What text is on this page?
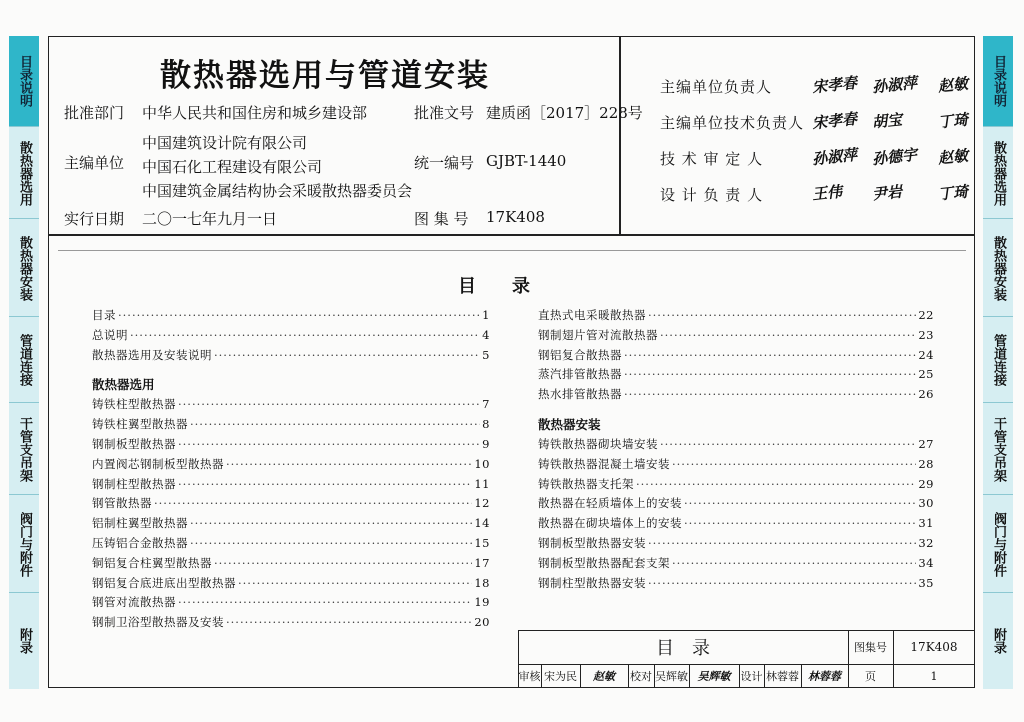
目录说明
散热器选用
散热器安装
管道连接
干管支吊架
阀门与附件
附录
目录说明
散热器选用
散热器安装
管道连接
干管支吊架
阀门与附件
附录
散热器选用与管道安装
批准部门 中华人民共和国住房和城乡建设部	批准文号 建质函［2017］228号
主编单位
中国建筑设计院有限公司
中国石化工程建设有限公司
中国建筑金属结构协会采暖散热器委员会
统一编号 GJBT-1440
实行日期 二〇一七年九月一日	图 集 号 17K408
主编单位负责人	宋孝春 孙淑萍 赵敏
主编单位技术负责人 宋孝春 胡宝 丁琦
技 术 审 定 人	孙淑萍 孙德宇 赵敏
设 计 负 责 人	王伟 尹岩 丁琦
目　　录
目录 ·····	1
总说明 ·····	4
散热器选用及安装说明 ·····	5
散热器选用
铸铁柱型散热器 ·····	7
铸铁柱翼型散热器 ·····	8
钢制板型散热器 ·····	9
内置阀芯钢制板型散热器 ·····	10
钢制柱型散热器 ·····	11
钢管散热器 ·····	12
铝制柱翼型散热器 ·····	14
压铸铝合金散热器 ·····	15
铜铝复合柱翼型散热器 ·····	17
钢铝复合底进底出型散热器 ·····	18
钢管对流散热器 ·····	19
钢制卫浴型散热器及安装 ·····	20
直热式电采暖散热器 ·····	22
钢制翅片管对流散热器 ·····	23
钢铝复合散热器 ·····	24
蒸汽排管散热器 ·····	25
热水排管散热器 ·····	26
散热器安装
铸铁散热器砌块墙安装 ·····	27
铸铁散热器混凝土墙安装 ·····	28
铸铁散热器支托架 ·····	29
散热器在轻质墙体上的安装 ·····	30
散热器在砌块墙体上的安装 ·····	31
钢制板型散热器安装 ·····	32
钢制板型散热器配套支架 ·····	34
钢制柱型散热器安装 ·····	35
目　录	图集号	17K408
页	1
审核 宋为民	赵敏	校对 吴辉敏 吴辉敏 设计 林蓉蓉 林蓉蓉
